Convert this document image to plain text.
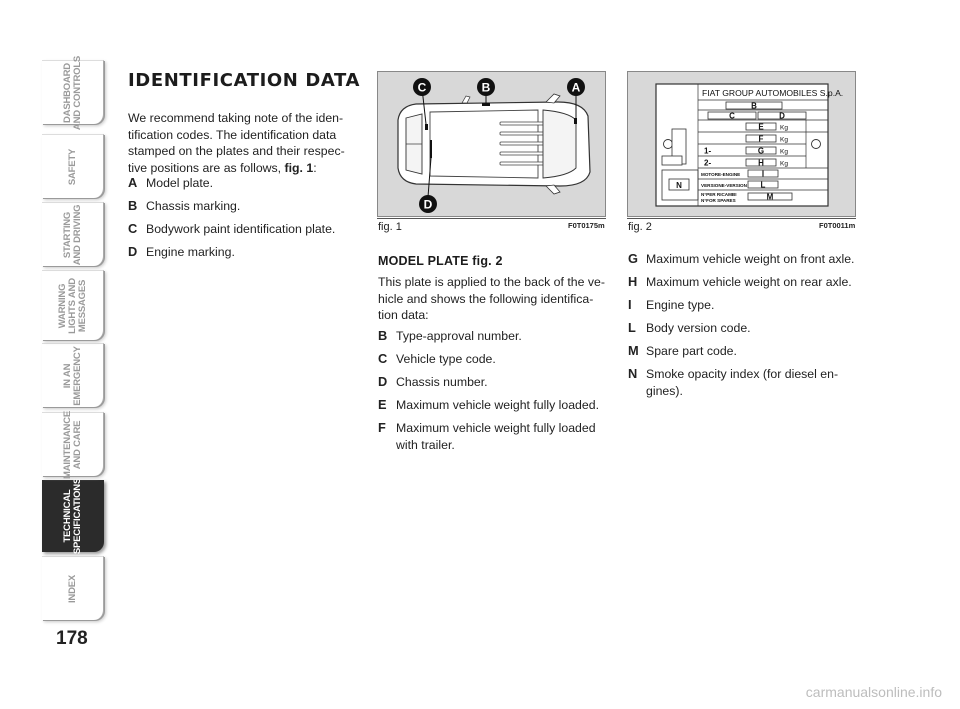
DASHBOARD
AND CONTROLS
SAFETY
STARTING
AND DRIVING
WARNING
LIGHTS AND
MESSAGES
IN AN
EMERGENCY
MAINTENANCE
AND CARE
TECHNICAL
SPECIFICATIONS
INDEX
178
IDENTIFICATION DATA

We recommend taking note of the iden-tification codes. The identification data stamped on the plates and their respec-tive positions are as follows, fig. 1:

A Model plate.
B Chassis marking.
C Bodywork paint identification plate.
D Engine marking.
C	B	A
D
fig. 1	F0T0175m
N
FIAT GROUP AUTOMOBILES S.p.A.
B
C	D
E
F
G
H
I
L
M
Kg
Kg
Kg
Kg
1-
2-
MOTORE-ENGINE
VERSIONE-VERSION
N°PER RICAMBI
N°FOR SPARES
fig. 2	F0T0011m
MODEL PLATE fig. 2

This plate is applied to the back of the ve-hicle and shows the following identifica-tion data:

B Type-approval number.
C Vehicle type code.
D Chassis number.
E Maximum vehicle weight fully loaded.
F Maximum vehicle weight fully loaded with trailer.
G Maximum vehicle weight on front axle.
H Maximum vehicle weight on rear axle.
I Engine type.
L Body version code.
M Spare part code.
N Smoke opacity index (for diesel en-gines).
carmanualsonline.info
